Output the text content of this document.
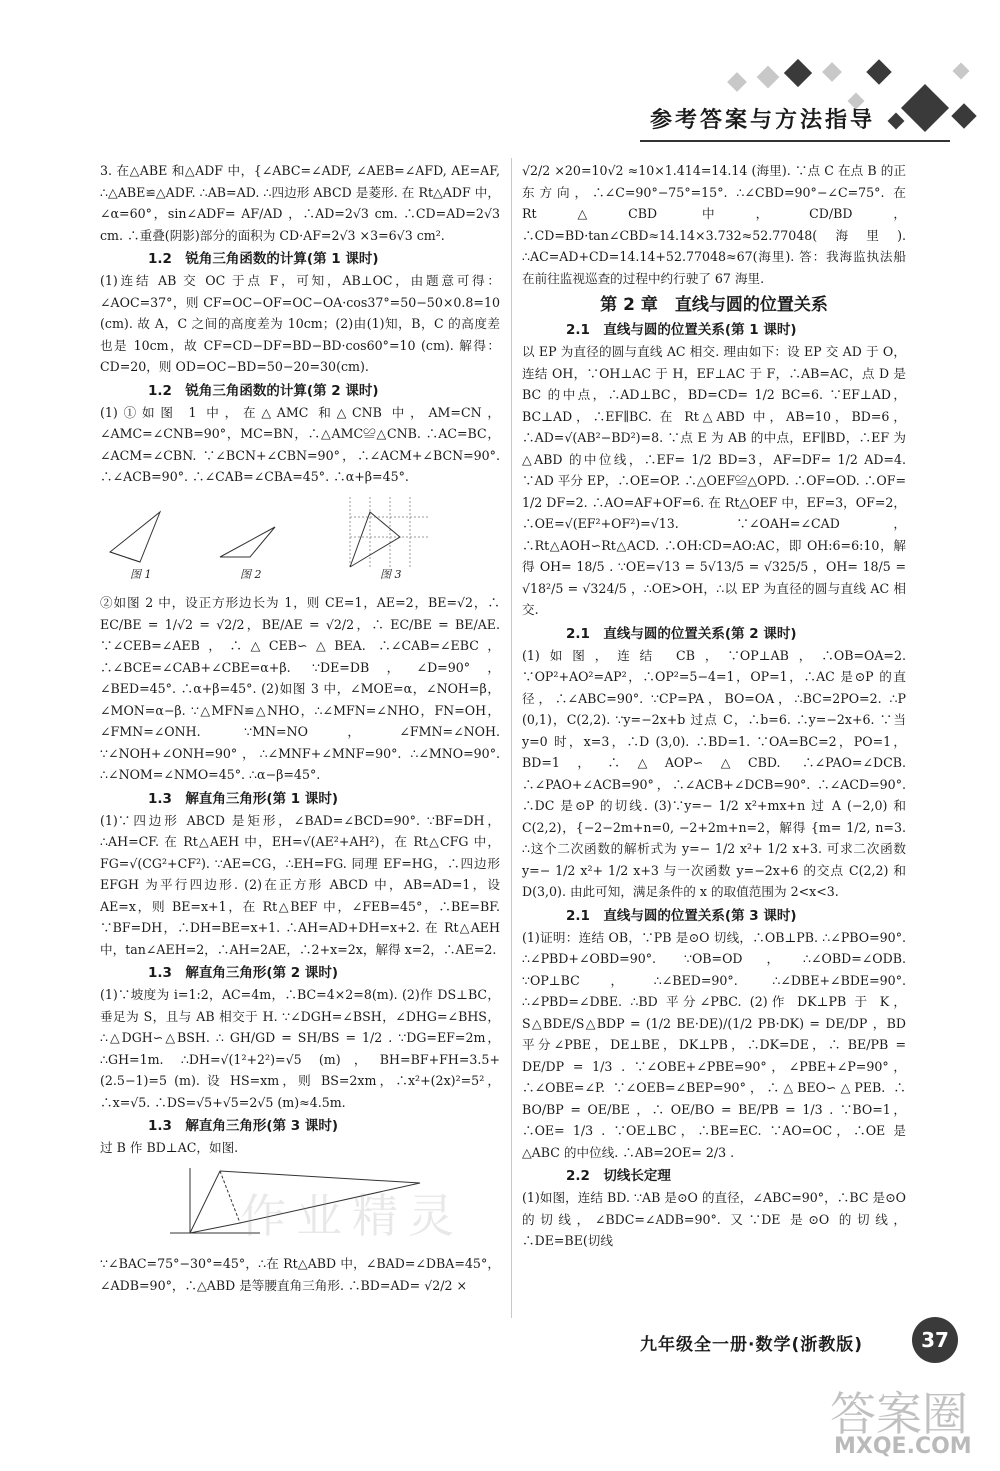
参考答案与方法指导

3. 在△ABE 和△ADF 中，{∠ABC=∠ADF, ∠AEB=∠AFD, AE=AF, ∴△ABE≌△ADF. ∴AB=AD. ∴四边形 ABCD 是菱形. 在 Rt△ADF 中，∠α=60°，sin∠ADF= AF/AD ，∴AD=2√3 cm. ∴CD=AD=2√3 cm. ∴重叠(阴影)部分的面积为 CD·AF=2√3 ×3=6√3 cm².

1.2　锐角三角函数的计算(第 1 课时)

(1)连结 AB 交 OC 于点 F，可知，AB⊥OC，由题意可得：∠AOC=37°，则 CF=OC−OF=OC−OA·cos37°=50−50×0.8=10 (cm). 故 A，C 之间的高度差为 10cm；(2)由(1)知，B，C 的高度差也是 10cm，故 CF=CD−DF=BD−BD·cos60°=10 (cm). 解得：CD=20，则 OD=OC−BD=50−20=30(cm).

1.2　锐角三角函数的计算(第 2 课时)

(1)①如图 1 中，在△AMC 和△CNB 中，AM=CN，∠AMC=∠CNB=90°，MC=BN，∴△AMC≌△CNB. ∴AC=BC，∠ACM=∠CBN. ∵∠BCN+∠CBN=90°，∴∠ACM+∠BCN=90°. ∴∠ACB=90°. ∴∠CAB=∠CBA=45°. ∴α+β=45°.

图 1	图 2	图 3

②如图 2 中，设正方形边长为 1，则 CE=1，AE=2，BE=√2，∴ EC/BE = 1/√2 = √2/2，BE/AE = √2/2，∴ EC/BE = BE/AE. ∵∠CEB=∠AEB，∴△CEB∽△BEA. ∴∠CAB=∠EBC，∴∠BCE=∠CAB+∠CBE=α+β. ∵DE=DB，∠D=90°，∠BED=45°. ∴α+β=45°. (2)如图 3 中，∠MOE=α，∠NOH=β，∠MON=α−β. ∵△MFN≌△NHO，∴∠MFN=∠NHO，FN=OH，∠FMN=∠ONH. ∵MN=NO，∠FMN=∠NOH. ∵∠NOH+∠ONH=90°，∴∠MNF+∠MNF=90°. ∴∠MNO=90°. ∴∠NOM=∠NMO=45°. ∴α−β=45°.

1.3　解直角三角形(第 1 课时)

(1)∵四边形 ABCD 是矩形，∠BAD=∠BCD=90°. ∵BF=DH，∴AH=CF. 在 Rt△AEH 中，EH=√(AE²+AH²)，在 Rt△CFG 中，FG=√(CG²+CF²). ∵AE=CG，∴EH=FG. 同理 EF=HG，∴四边形 EFGH 为平行四边形. (2)在正方形 ABCD 中，AB=AD=1，设 AE=x，则 BE=x+1，在 Rt△BEF 中，∠FEB=45°，∴BE=BF. ∵BF=DH，∴DH=BE=x+1. ∴AH=AD+DH=x+2. 在 Rt△AEH 中，tan∠AEH=2，∴AH=2AE，∴2+x=2x，解得 x=2，∴AE=2.

1.3　解直角三角形(第 2 课时)

(1)∵坡度为 i=1:2，AC=4m，∴BC=4×2=8(m). (2)作 DS⊥BC，垂足为 S，且与 AB 相交于 H. ∵∠DGH=∠BSH，∠DHG=∠BHS，∴△DGH∽△BSH. ∴ GH/GD = SH/BS = 1/2 . ∵DG=EF=2m，∴GH=1m. ∴DH=√(1²+2²)=√5 (m)，BH=BF+FH=3.5+(2.5−1)=5 (m). 设 HS=xm，则 BS=2xm，∴x²+(2x)²=5²，∴x=√5. ∴DS=√5+√5=2√5 (m)≈4.5m.

1.3　解直角三角形(第 3 课时)

过 B 作 BD⊥AC，如图.

∵∠BAC=75°−30°=45°，∴在 Rt△ABD 中，∠BAD=∠DBA=45°，∠ADB=90°，∴△ABD 是等腰直角三角形. ∴BD=AD= √2/2 ×

√2/2 ×20=10√2 ≈10×1.414=14.14 (海里). ∵点 C 在点 B 的正东方向，∴∠C=90°−75°=15°. ∴∠CBD=90°−∠C=75°. 在 Rt△CBD 中，CD/BD，∴CD=BD·tan∠CBD≈14.14×3.732≈52.77048(海里). ∴AC=AD+CD=14.14+52.77048≈67(海里). 答：我海监执法船在前往监视巡查的过程中约行驶了 67 海里.

第 2 章　直线与圆的位置关系
2.1　直线与圆的位置关系(第 1 课时)

以 EP 为直径的圆与直线 AC 相交. 理由如下：设 EP 交 AD 于 O，连结 OH，∵OH⊥AC 于 H，EF⊥AC 于 F，∴AB=AC，点 D 是 BC 的中点，∴AD⊥BC，BD=CD= 1/2 BC=6. ∵EF⊥AD，BC⊥AD，∴EF∥BC. 在 Rt△ABD 中，AB=10，BD=6，∴AD=√(AB²−BD²)=8. ∵点 E 为 AB 的中点，EF∥BD，∴EF 为△ABD 的中位线，∴EF= 1/2 BD=3，AF=DF= 1/2 AD=4. ∵AD 平分 EP，∴OE=OP. ∴△OEF≌△OPD. ∴OF=OD. ∴OF= 1/2 DF=2. ∴AO=AF+OF=6. 在 Rt△OEF 中，EF=3，OF=2，∴OE=√(EF²+OF²)=√13. ∵∠OAH=∠CAD，∴Rt△AOH∽Rt△ACD. ∴OH:CD=AO:AC，即 OH:6=6:10，解得 OH= 18/5 . ∵OE=√13 = 5√13/5 = √325/5 ，OH= 18/5 = √18²/5 = √324/5 ，∴OE>OH，∴以 EP 为直径的圆与直线 AC 相交.

2.1　直线与圆的位置关系(第 2 课时)

(1)如图，连结 CB，∵OP⊥AB，∴OB=OA=2. ∵OP²+AO²=AP²，∴OP²=5−4=1，OP=1，∴AC 是⊙P 的直径，∴∠ABC=90°. ∵CP=PA，BO=OA，∴BC=2PO=2. ∴P (0,1)，C(2,2). ∵y=−2x+b 过点 C，∴b=6. ∴y=−2x+6. ∵当 y=0 时，x=3，∴D (3,0). ∴BD=1. ∵OA=BC=2，PO=1，BD=1，∴△AOP∽△CBD. ∴∠PAO=∠DCB. ∴∠PAO+∠ACB=90°，∴∠ACB+∠DCB=90°. ∴∠ACD=90°. ∴DC 是⊙P 的切线. (3)∵y=− 1/2 x²+mx+n 过 A (−2,0) 和 C(2,2)，{−2−2m+n=0, −2+2m+n=2，解得 {m= 1/2, n=3. ∴这个二次函数的解析式为 y=− 1/2 x²+ 1/2 x+3. 可求二次函数 y=− 1/2 x²+ 1/2 x+3 与一次函数 y=−2x+6 的交点 C(2,2) 和 D(3,0). 由此可知，满足条件的 x 的取值范围为 2<x<3.

2.1　直线与圆的位置关系(第 3 课时)

(1)证明：连结 OB，∵PB 是⊙O 切线，∴OB⊥PB. ∴∠PBO=90°. ∴∠PBD+∠OBD=90°. ∵OB=OD，∴∠OBD=∠ODB. ∵OP⊥BC，∴∠BED=90°. ∴∠DBE+∠BDE=90°. ∴∠PBD=∠DBE. ∴BD 平分∠PBC. (2)作 DK⊥PB 于 K，S△BDE/S△BDP = (1/2 BE·DE)/(1/2 PB·DK) = DE/DP ，BD 平分∠PBE，DE⊥BE，DK⊥PB，∴DK=DE，∴ BE/PB = DE/DP = 1/3 . ∵∠OBE+∠PBE=90°，∠PBE+∠P=90°，∴∠OBE=∠P. ∵∠OEB=∠BEP=90°，∴△BEO∽△PEB. ∴ BO/BP = OE/BE ，∴ OE/BO = BE/PB = 1/3 . ∵BO=1，∴OE= 1/3 . ∵OE⊥BC，∴BE=EC. ∵AO=OC，∴OE 是△ABC 的中位线. ∴AB=2OE= 2/3 .

2.2　切线长定理

(1)如图，连结 BD. ∵AB 是⊙O 的直径，∠ABC=90°，∴BC 是⊙O 的切线，∠BDC=∠ADB=90°. 又∵DE 是⊙O 的切线，∴DE=BE(切线

作业精灵
九年级全一册·数学(浙教版)	37
答案圈
MXQE.COM
